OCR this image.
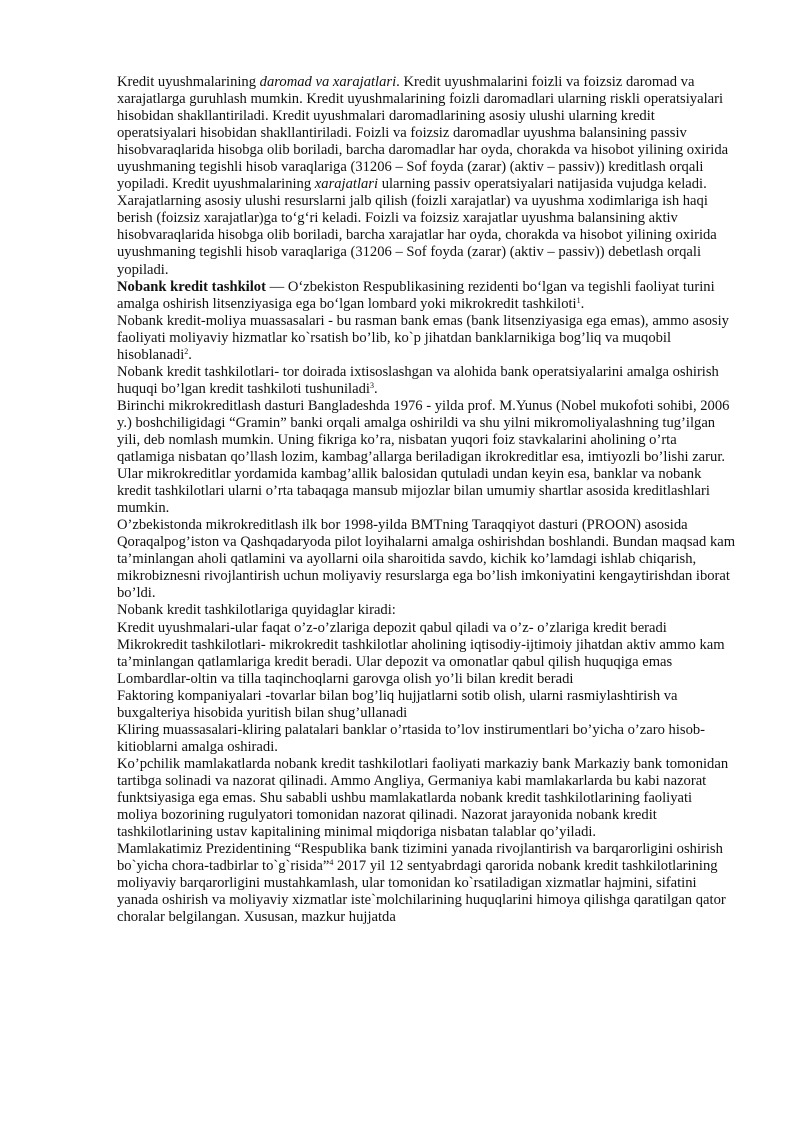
Kredit uyushmalarining daromad va xarajatlari. Kredit uyushmalarini foizli va foizsiz daromad va xarajatlarga guruhlash mumkin. Kredit uyushmalarining foizli daromadlari ularning riskli operatsiyalari hisobidan shakllantiriladi. Kredit uyushmalari daromadlarining asosiy ulushi ularning kredit operatsiyalari hisobidan shakllantiriladi. Foizli va foizsiz daromadlar uyushma balansining passiv hisobvaraqlarida hisobga olib boriladi, barcha daromadlar har oyda, chorakda va hisobot yilining oxirida uyushmaning tegishli hisob varaqlariga (31206 – Sof foyda (zarar) (aktiv – passiv)) kreditlash orqali yopiladi. Kredit uyushmalarining xarajatlari ularning passiv operatsiyalari natijasida vujudga keladi. Xarajatlarning asosiy ulushi resurslarni jalb qilish (foizli xarajatlar) va uyushma xodimlariga ish haqi berish (foizsiz xarajatlar)ga to‘g‘ri keladi. Foizli va foizsiz xarajatlar uyushma balansining aktiv hisobvaraqlarida hisobga olib boriladi, barcha xarajatlar har oyda, chorakda va hisobot yilining oxirida uyushmaning tegishli hisob varaqlariga (31206 – Sof foyda (zarar) (aktiv – passiv)) debetlash orqali yopiladi.

Nobank kredit tashkilot — O‘zbekiston Respublikasining rezidenti bo‘lgan va tegishli faoliyat turini amalga oshirish litsenziyasiga ega bo‘lgan lombard yoki mikrokredit tashkiloti$^1$.

Nobank kredit-moliya muassasalari - bu rasman bank emas (bank litsenziyasiga ega emas), ammo asosiy faoliyati moliyaviy hizmatlar ko`rsatish bo’lib, ko`p jihatdan banklarnikiga bog’liq va muqobil hisoblanadi$^2$.

Nobank kredit tashkilotlari- tor doirada ixtisoslashgan va alohida bank operatsiyalarini amalga oshirish huquqi bo’lgan kredit tashkiloti tushuniladi$^3$.

Birinchi mikrokreditlash dasturi Bangladeshda 1976 - yilda prof. M.Yunus (Nobel mukofoti sohibi, 2006 y.) boshchiligidagi “Gramin” banki orqali amalga oshirildi va shu yilni mikromoliyalashning tug’ilgan yili, deb nomlash mumkin. Uning fikriga ko’ra, nisbatan yuqori foiz stavkalarini aholining o’rta qatlamiga nisbatan qo’llash lozim, kambag’allarga beriladigan ikrokreditlar esa, imtiyozli bo’lishi zarur. Ular mikrokreditlar yordamida kambag’allik balosidan qutuladi undan keyin esa, banklar va nobank kredit tashkilotlari ularni o’rta tabaqaga mansub mijozlar bilan umumiy shartlar asosida kreditlashlari mumkin.

O’zbekistonda mikrokreditlash ilk bor 1998-yilda BMTning Taraqqiyot dasturi (PROON) asosida Qoraqalpog’iston va Qashqadaryoda pilot loyihalarni amalga oshirishdan boshlandi. Bundan maqsad kam ta’minlangan aholi qatlamini va ayollarni oila sharoitida savdo, kichik ko’lamdagi ishlab chiqarish, mikrobiznesni rivojlantirish uchun moliyaviy resurslarga ega bo’lish imkoniyatini kengaytirishdan iborat bo’ldi.

Nobank kredit tashkilotlariga quyidaglar kiradi:

Kredit uyushmalari-ular faqat o’z-o’zlariga depozit qabul qiladi va o’z- o’zlariga kredit beradi

Mikrokredit tashkilotlari- mikrokredit tashkilotlar aholining iqtisodiy-ijtimoiy jihatdan aktiv ammo kam ta’minlangan qatlamlariga kredit beradi. Ular depozit va omonatlar qabul qilish huquqiga emas

Lombardlar-oltin va tilla taqinchoqlarni garovga olish yo’li bilan kredit beradi

Faktoring kompaniyalari -tovarlar bilan bog’liq hujjatlarni sotib olish, ularni rasmiylashtirish va buxgalteriya hisobida yuritish bilan shug’ullanadi

Kliring muassasalari-kliring palatalari banklar o’rtasida to’lov instirumentlari bo’yicha o’zaro hisob-kitioblarni amalga oshiradi.

Ko’pchilik mamlakatlarda nobank kredit tashkilotlari faoliyati markaziy bank Markaziy bank tomonidan tartibga solinadi va nazorat qilinadi. Ammo Angliya, Germaniya kabi mamlakarlarda bu kabi nazorat funktsiyasiga ega emas. Shu sababli ushbu mamlakatlarda nobank kredit tashkilotlarining faoliyati moliya bozorining rugulyatori tomonidan nazorat qilinadi. Nazorat jarayonida nobank kredit tashkilotlarining ustav kapitalining minimal miqdoriga nisbatan talablar qo’yiladi.

Mamlakatimiz Prezidentining “Respublika bank tizimini yanada rivojlantirish va barqarorligini oshirish bo`yicha chora-tadbirlar to`g`risida”$^4$ 2017 yil 12 sentyabrdagi qarorida nobank kredit tashkilotlarining moliyaviy barqarorligini mustahkamlash, ular tomonidan ko`rsatiladigan xizmatlar hajmini, sifatini yanada oshirish va moliyaviy xizmatlar iste`molchilarining huquqlarini himoya qilishga qaratilgan qator choralar belgilangan. Xususan, mazkur hujjatda
